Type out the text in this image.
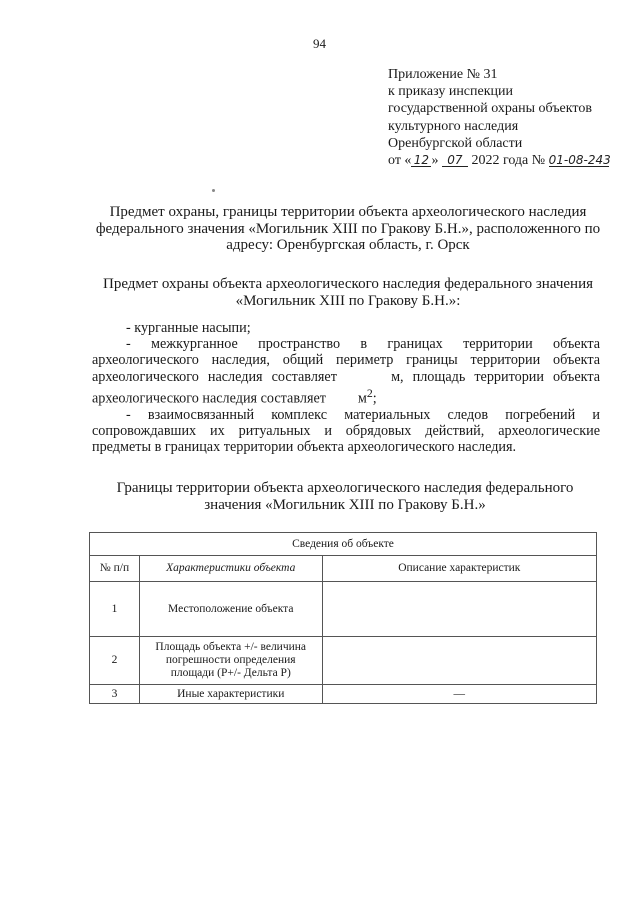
94
Приложение № 31
к приказу инспекции
государственной охраны объектов
культурного наследия
Оренбургской области
от « 12 » 07 2022 года № 01-08-243
Предмет охраны, границы территории объекта археологического наследия федерального значения «Могильник XIII по Гракову Б.Н.», расположенного по адресу: Оренбургская область, г. Орск
Предмет охраны объекта археологического наследия федерального значения «Могильник XIII по Гракову Б.Н.»:

- курганные насыпи;

- межкурганное пространство в границах территории объекта археологического наследия, общий периметр границы территории объекта археологического наследия составляет	м, площадь территории объекта археологического наследия составляет $м^2$;

- взаимосвязанный комплекс материальных следов погребений и сопровождавших их ритуальных и обрядовых действий, археологические предметы в границах территории объекта археологического наследия.

Границы территории объекта археологического наследия федерального значения «Могильник XIII по Гракову Б.Н.»
Сведения об объекте		
№ п/п	Характеристики объекта	Описание характеристик
1	Местоположение объекта	
2	Площадь объекта +/- величина погрешности определения площади (P+/- Дельта P)	
3	Иные характеристики	—
